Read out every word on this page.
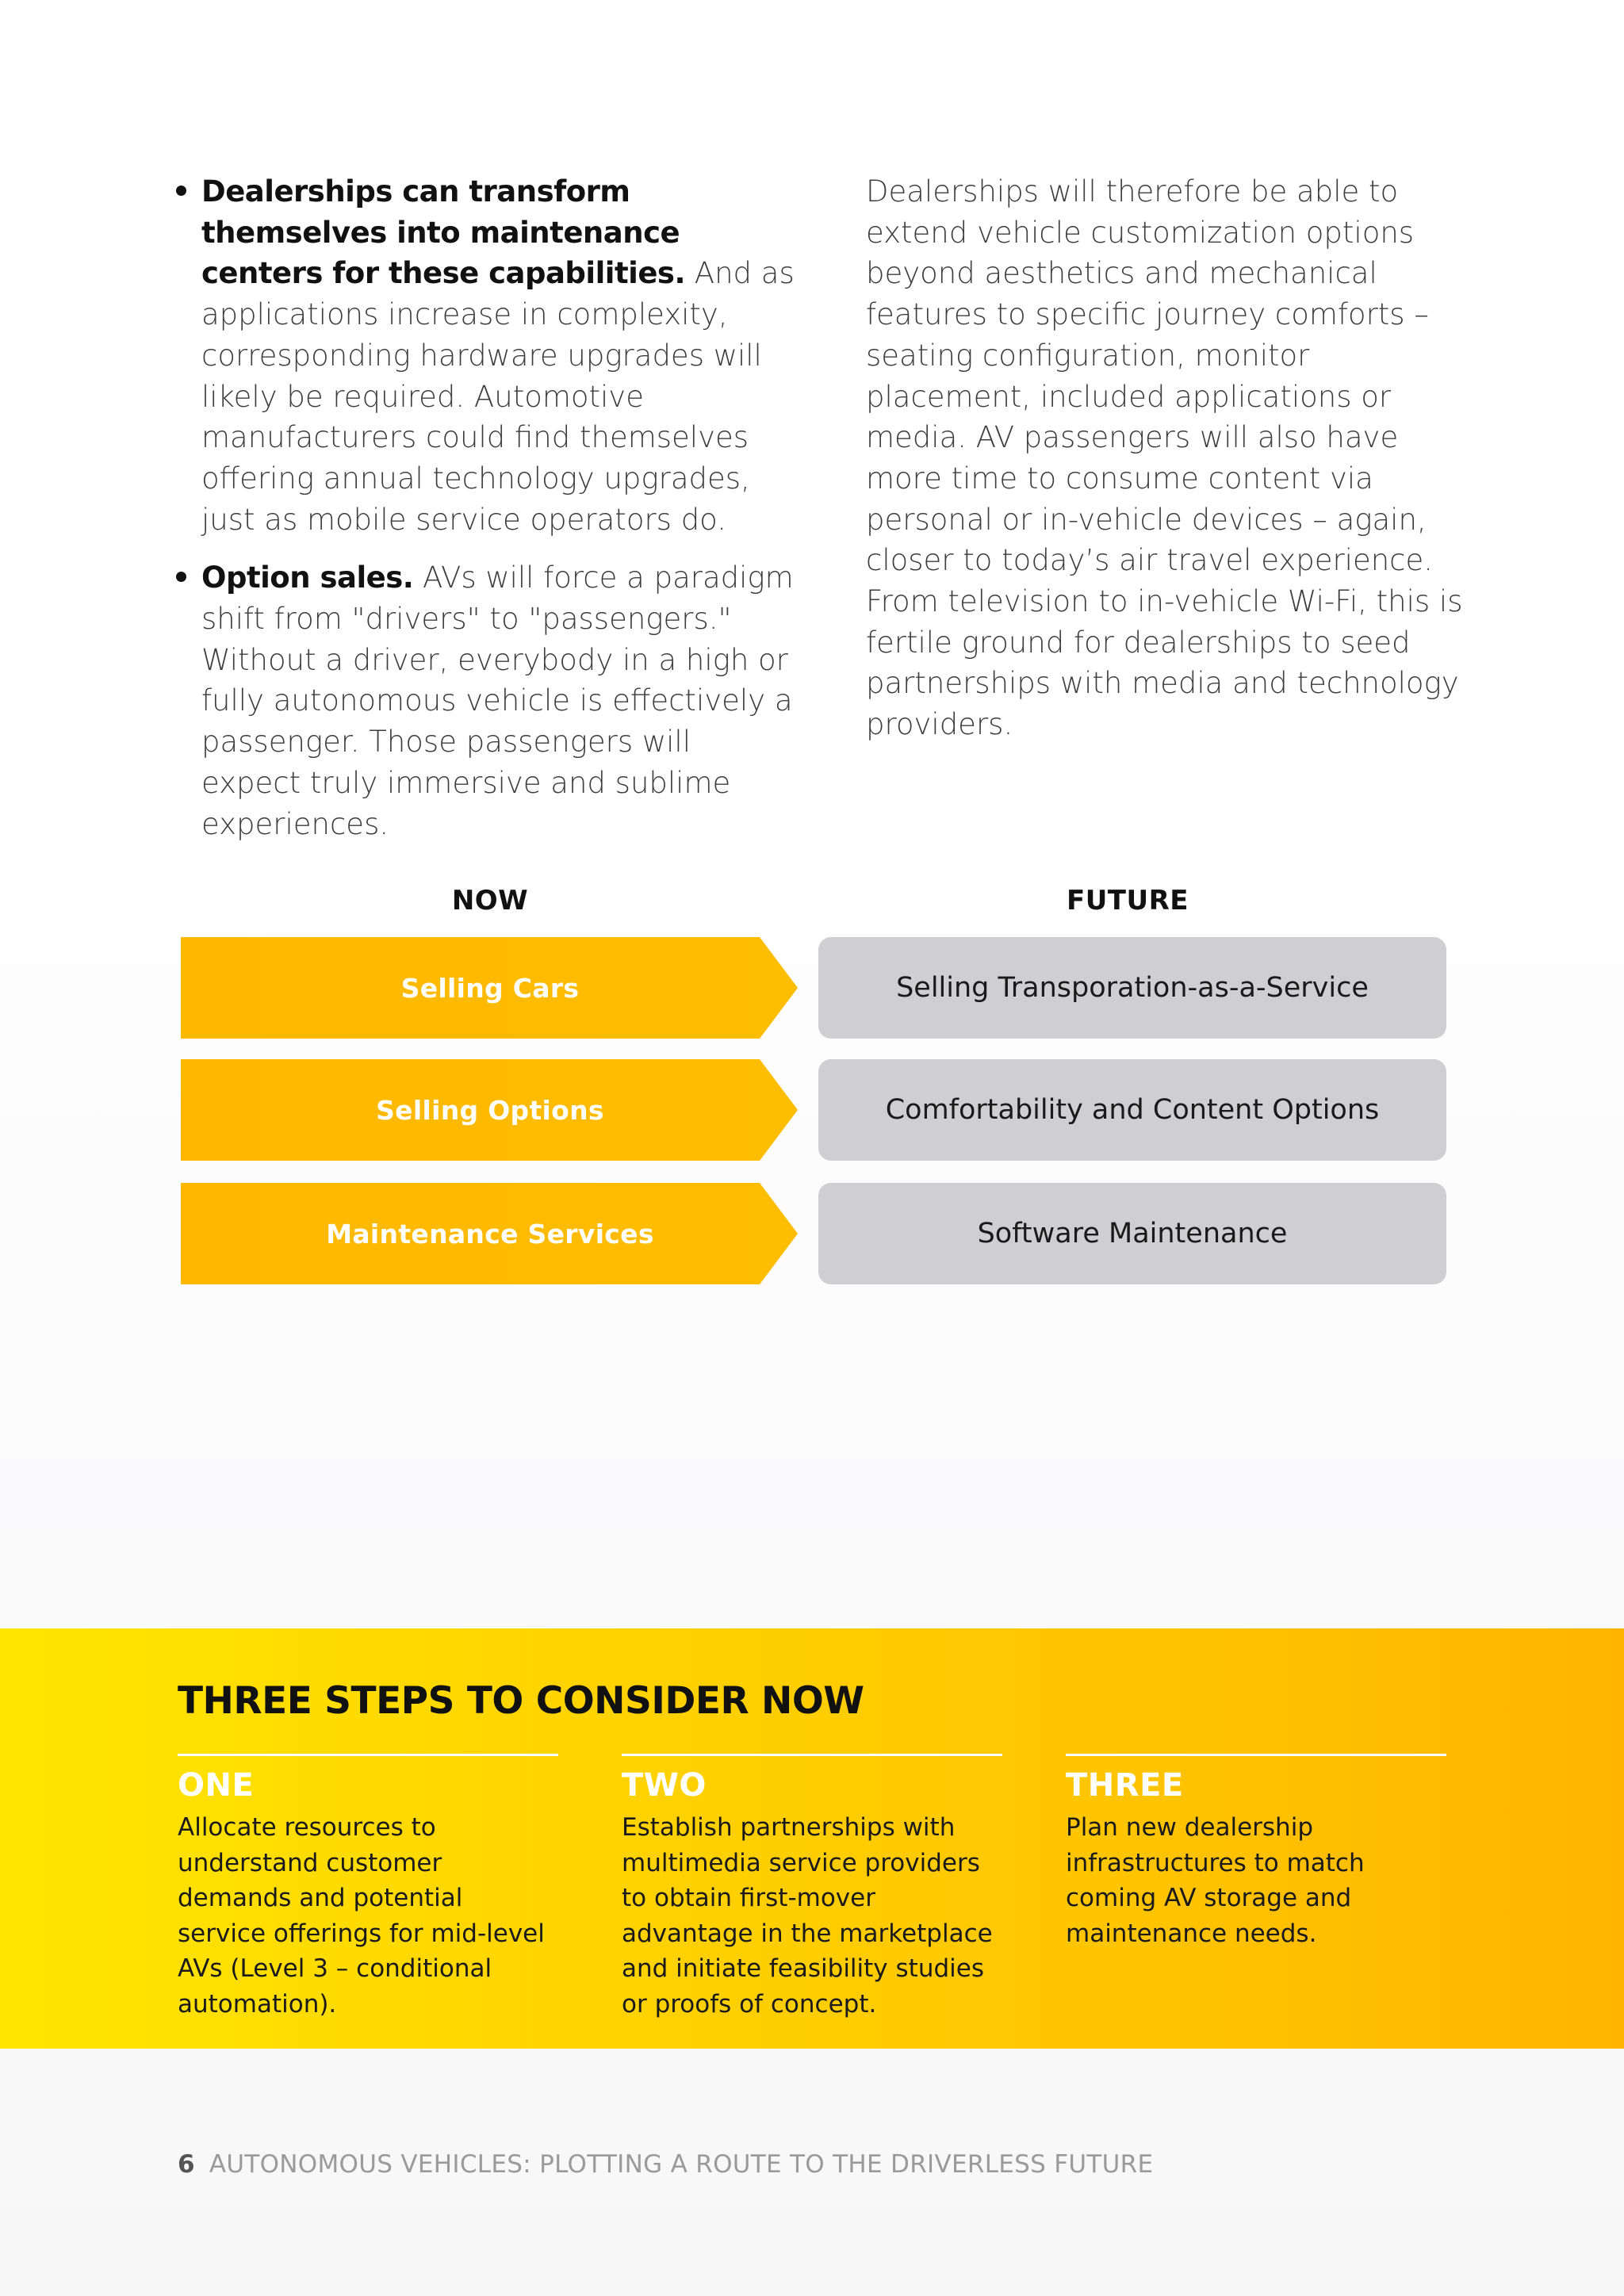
Dealerships can transform themselves into maintenance centers for these capabilities. And as applications increase in complexity, corresponding hardware upgrades will likely be required. Automotive manufacturers could find themselves offering annual technology upgrades, just as mobile service operators do.
Option sales. AVs will force a paradigm shift from "drivers" to "passengers." Without a driver, everybody in a high or fully autonomous vehicle is effectively a passenger. Those passengers will expect truly immersive and sublime experiences.

Dealerships will therefore be able to extend vehicle customization options beyond aesthetics and mechanical features to specific journey comforts – seating configuration, monitor placement, included applications or media. AV passengers will also have more time to consume content via personal or in-vehicle devices – again, closer to today’s air travel experience. From television to in-vehicle Wi-Fi, this is fertile ground for dealerships to seed partnerships with media and technology providers.

NOW	FUTURE
Selling Cars	Selling Transporation-as-a-Service
Selling Options	Comfortability and Content Options
Maintenance Services	Software Maintenance
THREE STEPS TO CONSIDER NOW
ONE
Allocate resources to understand customer demands and potential service offerings for mid-level AVs (Level 3 – conditional automation).
TWO
Establish partnerships with multimedia service providers to obtain first-mover advantage in the marketplace and initiate feasibility studies or proofs of concept.
THREE
Plan new dealership infrastructures to match coming AV storage and maintenance needs.
6 AUTONOMOUS VEHICLES: PLOTTING A ROUTE TO THE DRIVERLESS FUTURE
